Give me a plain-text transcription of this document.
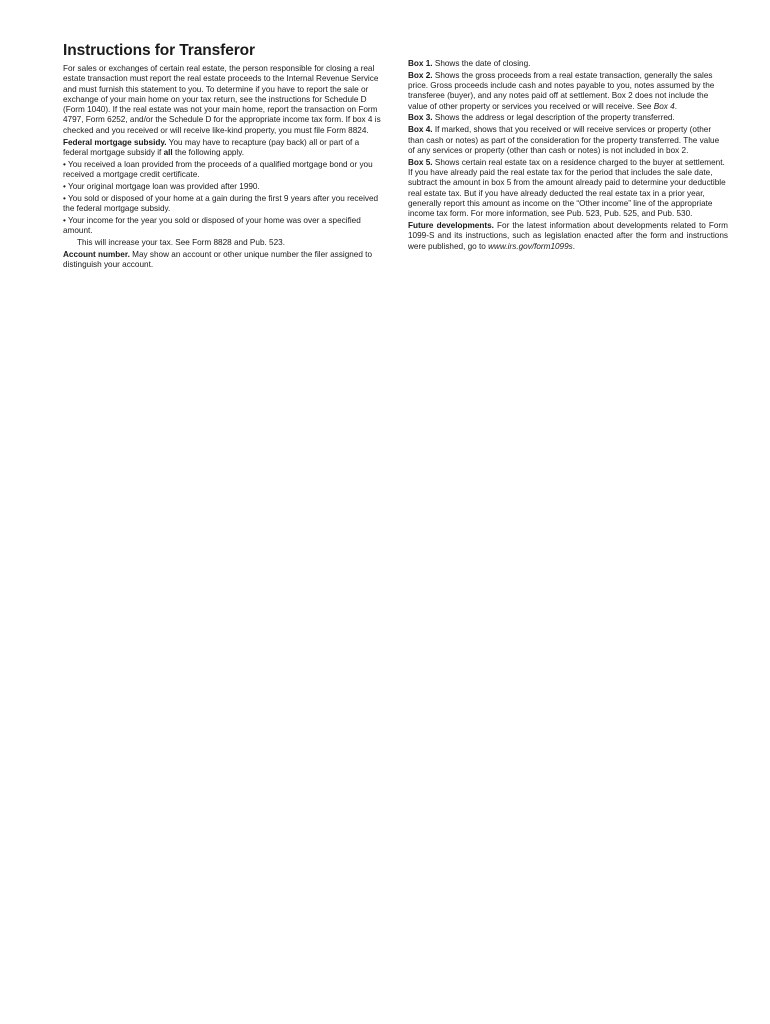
Instructions for Transferor
For sales or exchanges of certain real estate, the person responsible for closing a real estate transaction must report the real estate proceeds to the Internal Revenue Service and must furnish this statement to you. To determine if you have to report the sale or exchange of your main home on your tax return, see the instructions for Schedule D (Form 1040). If the real estate was not your main home, report the transaction on Form 4797, Form 6252, and/or the Schedule D for the appropriate income tax form. If box 4 is checked and you received or will receive like-kind property, you must file Form 8824.
Federal mortgage subsidy. You may have to recapture (pay back) all or part of a federal mortgage subsidy if all the following apply.
• You received a loan provided from the proceeds of a qualified mortgage bond or you received a mortgage credit certificate.
• Your original mortgage loan was provided after 1990.
• You sold or disposed of your home at a gain during the first 9 years after you received the federal mortgage subsidy.
• Your income for the year you sold or disposed of your home was over a specified amount.
This will increase your tax. See Form 8828 and Pub. 523.
Account number. May show an account or other unique number the filer assigned to distinguish your account.
Box 1. Shows the date of closing.
Box 2. Shows the gross proceeds from a real estate transaction, generally the sales price. Gross proceeds include cash and notes payable to you, notes assumed by the transferee (buyer), and any notes paid off at settlement. Box 2 does not include the value of other property or services you received or will receive. See Box 4.
Box 3. Shows the address or legal description of the property transferred.
Box 4. If marked, shows that you received or will receive services or property (other than cash or notes) as part of the consideration for the property transferred. The value of any services or property (other than cash or notes) is not included in box 2.
Box 5. Shows certain real estate tax on a residence charged to the buyer at settlement. If you have already paid the real estate tax for the period that includes the sale date, subtract the amount in box 5 from the amount already paid to determine your deductible real estate tax. But if you have already deducted the real estate tax in a prior year, generally report this amount as income on the “Other income” line of the appropriate income tax form. For more information, see Pub. 523, Pub. 525, and Pub. 530.
Future developments. For the latest information about developments related to Form 1099-S and its instructions, such as legislation enacted after the form and instructions were published, go to www.irs.gov/form1099s.
